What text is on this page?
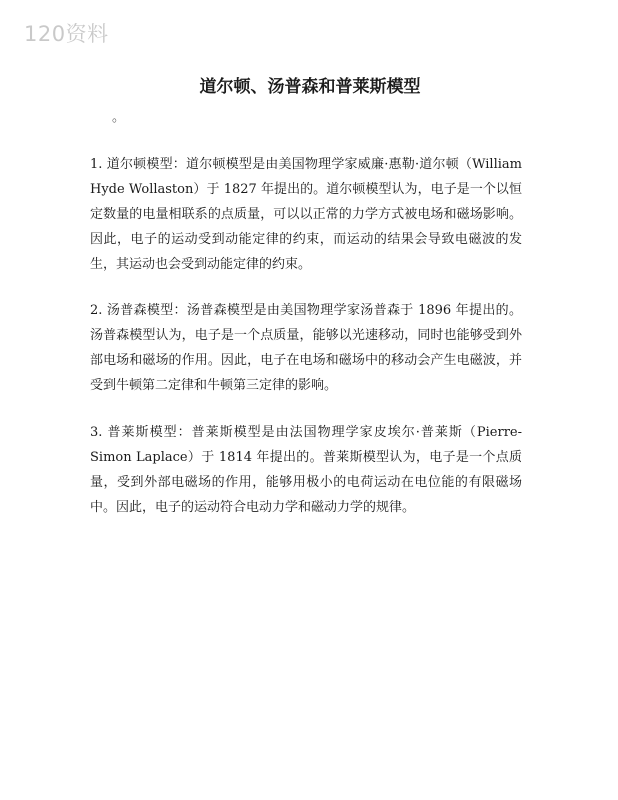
120资料
道尔顿、汤普森和普莱斯模型
。

1. 道尔顿模型：道尔顿模型是由美国物理学家威廉·惠勒·道尔顿（William Hyde Wollaston）于 1827 年提出的。道尔顿模型认为，电子是一个以恒定数量的电量相联系的点质量，可以以正常的力学方式被电场和磁场影响。因此，电子的运动受到动能定律的约束，而运动的结果会导致电磁波的发生，其运动也会受到动能定律的约束。

2. 汤普森模型：汤普森模型是由美国物理学家汤普森于 1896 年提出的。汤普森模型认为，电子是一个点质量，能够以光速移动，同时也能够受到外部电场和磁场的作用。因此，电子在电场和磁场中的移动会产生电磁波，并受到牛顿第二定律和牛顿第三定律的影响。

3. 普莱斯模型：普莱斯模型是由法国物理学家皮埃尔·普莱斯（Pierre-Simon Laplace）于 1814 年提出的。普莱斯模型认为，电子是一个点质量，受到外部电磁场的作用，能够用极小的电荷运动在电位能的有限磁场中。因此，电子的运动符合电动力学和磁动力学的规律。
